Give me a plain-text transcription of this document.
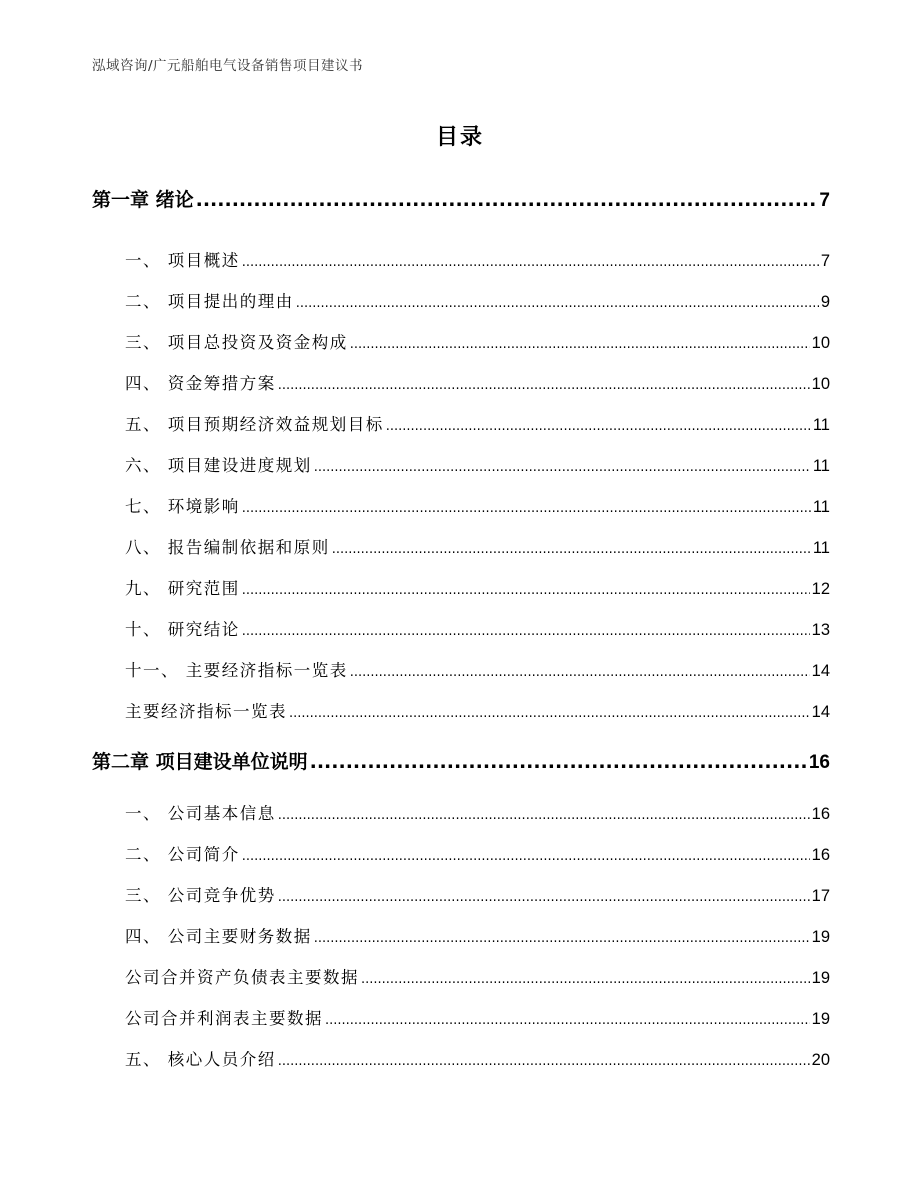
泓域咨询/广元船舶电气设备销售项目建议书
目录
第一章 绪论 .....	7
一、 项目概述 .....	7
二、 项目提出的理由 .....	9
三、 项目总投资及资金构成 .....	10
四、 资金筹措方案 .....	10
五、 项目预期经济效益规划目标 .....	11
六、 项目建设进度规划 .....	11
七、 环境影响 .....	11
八、 报告编制依据和原则 .....	11
九、 研究范围 .....	12
十、 研究结论 .....	13
十一、 主要经济指标一览表 .....	14
主要经济指标一览表 .....	14
第二章 项目建设单位说明 .....	16
一、 公司基本信息 .....	16
二、 公司简介 .....	16
三、 公司竞争优势 .....	17
四、 公司主要财务数据 .....	19
公司合并资产负债表主要数据 .....	19
公司合并利润表主要数据 .....	19
五、 核心人员介绍 .....	20
